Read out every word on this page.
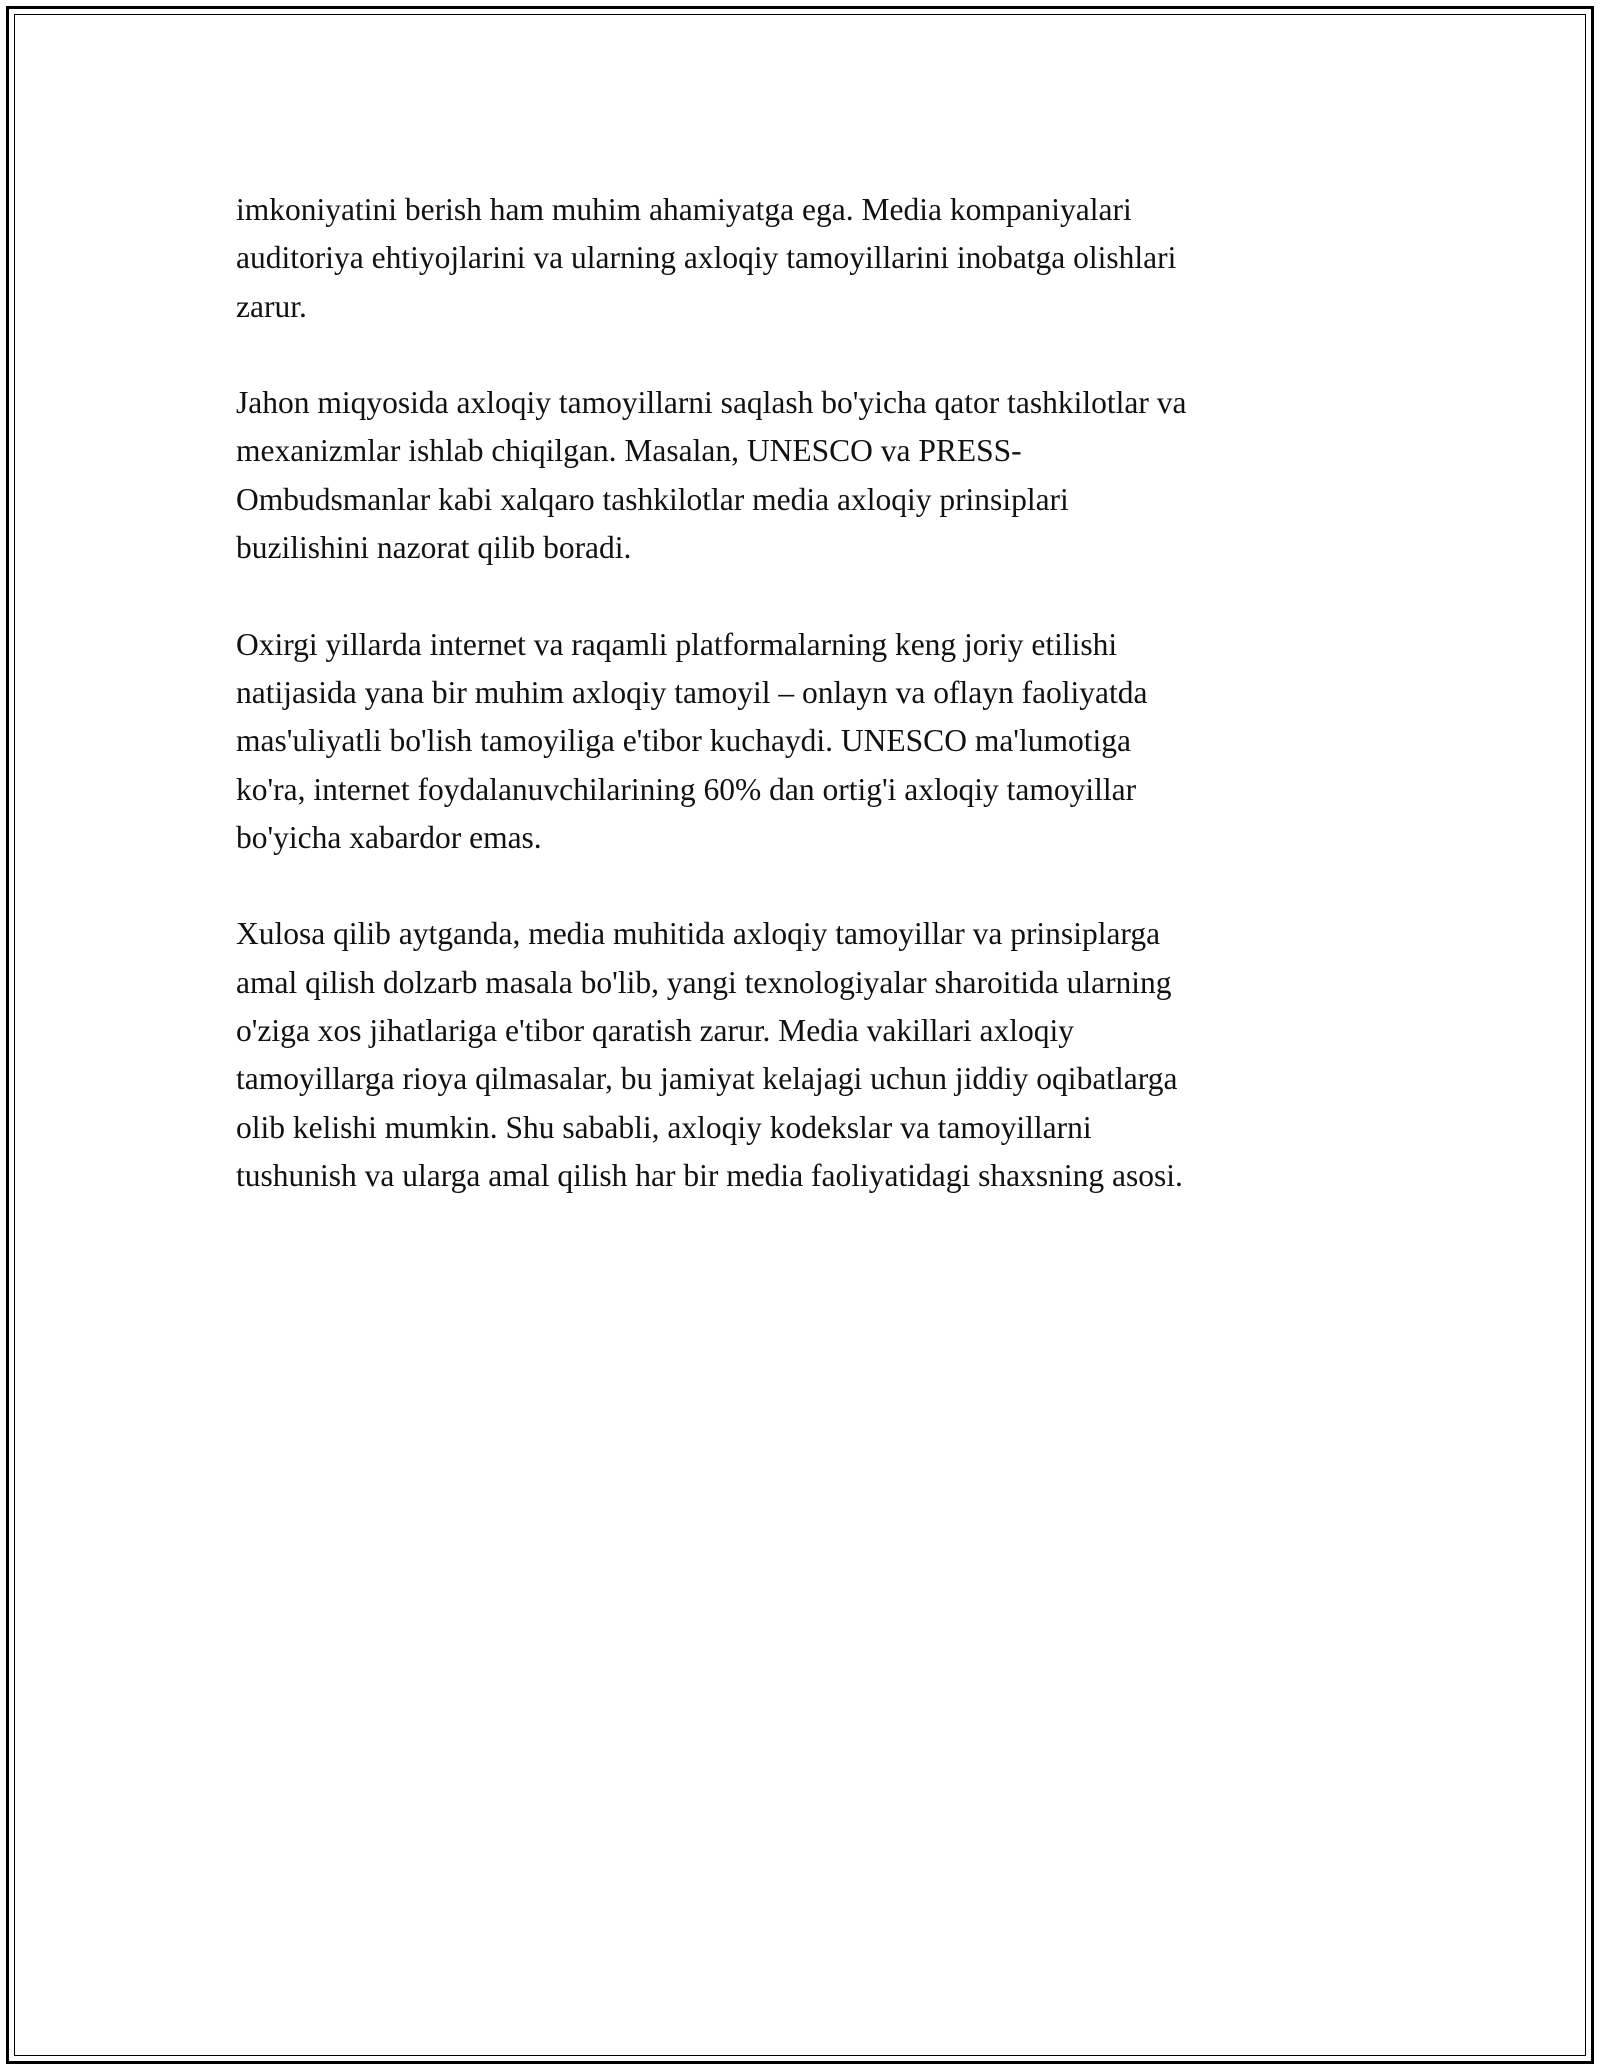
imkoniyatini berish ham muhim ahamiyatga ega. Media kompaniyalari
auditoriya ehtiyojlarini va ularning axloqiy tamoyillarini inobatga olishlari
zarur.

Jahon miqyosida axloqiy tamoyillarni saqlash bo'yicha qator tashkilotlar va
mexanizmlar ishlab chiqilgan. Masalan, UNESCO va PRESS-
Ombudsmanlar kabi xalqaro tashkilotlar media axloqiy prinsiplari
buzilishini nazorat qilib boradi.

Oxirgi yillarda internet va raqamli platformalarning keng joriy etilishi
natijasida yana bir muhim axloqiy tamoyil – onlayn va oflayn faoliyatda
mas'uliyatli bo'lish tamoyiliga e'tibor kuchaydi. UNESCO ma'lumotiga
ko'ra, internet foydalanuvchilarining 60% dan ortig'i axloqiy tamoyillar
bo'yicha xabardor emas.

Xulosa qilib aytganda, media muhitida axloqiy tamoyillar va prinsiplarga
amal qilish dolzarb masala bo'lib, yangi texnologiyalar sharoitida ularning
o'ziga xos jihatlariga e'tibor qaratish zarur. Media vakillari axloqiy
tamoyillarga rioya qilmasalar, bu jamiyat kelajagi uchun jiddiy oqibatlarga
olib kelishi mumkin. Shu sababli, axloqiy kodekslar va tamoyillarni
tushunish va ularga amal qilish har bir media faoliyatidagi shaxsning asosi.
